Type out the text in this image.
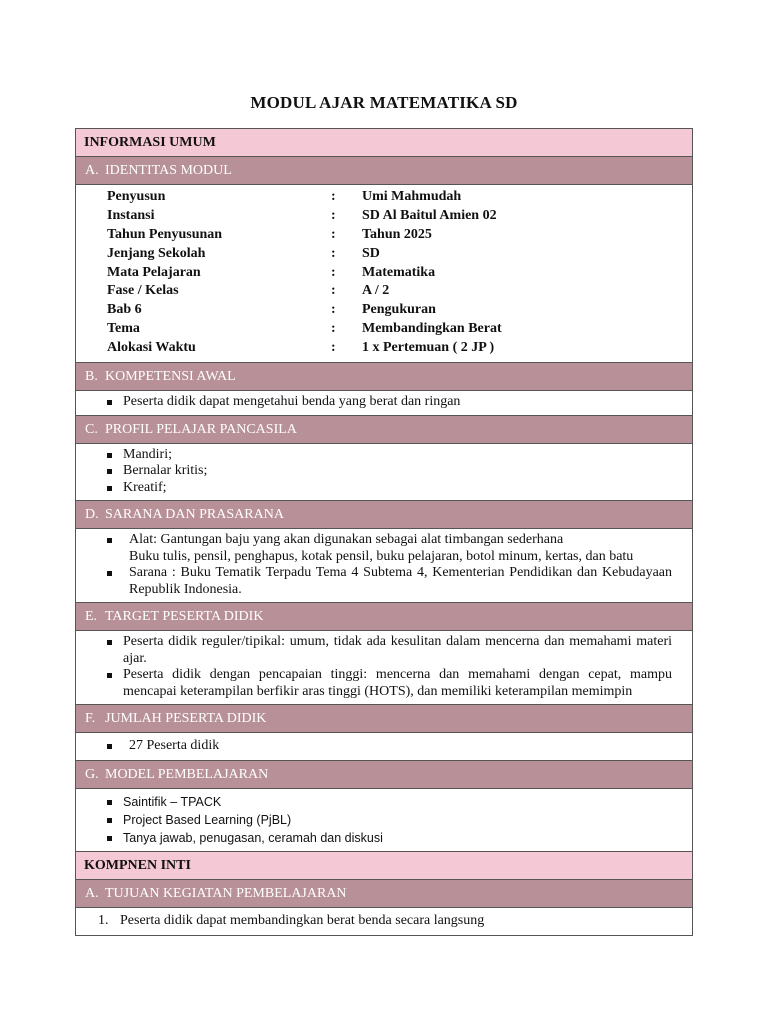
MODUL AJAR MATEMATIKA SD
INFORMASI UMUM
A. IDENTITAS MODUL
Penyusun	:	Umi Mahmudah
Instansi	:	SD Al Baitul Amien 02
Tahun Penyusunan	:	Tahun 2025
Jenjang Sekolah	:	SD
Mata Pelajaran	:	Matematika
Fase / Kelas	:	A / 2
Bab 6	:	Pengukuran
Tema	:	Membandingkan Berat
Alokasi Waktu	:	1 x Pertemuan ( 2 JP )
B. KOMPETENSI AWAL
Peserta didik dapat mengetahui benda yang berat dan ringan
C. PROFIL PELAJAR PANCASILA
Mandiri;
Bernalar kritis;
Kreatif;
D. SARANA DAN PRASARANA
Alat: Gantungan baju yang akan digunakan sebagai alat timbangan sederhana
Buku tulis, pensil, penghapus, kotak pensil, buku pelajaran, botol minum, kertas, dan batu
Sarana : Buku Tematik Terpadu Tema 4 Subtema 4, Kementerian Pendidikan dan Kebudayaan Republik Indonesia.
E. TARGET PESERTA DIDIK
Peserta didik reguler/tipikal: umum, tidak ada kesulitan dalam mencerna dan memahami materi ajar.
Peserta didik dengan pencapaian tinggi: mencerna dan memahami dengan cepat, mampu mencapai keterampilan berfikir aras tinggi (HOTS), dan memiliki keterampilan memimpin
F. JUMLAH PESERTA DIDIK
27 Peserta didik
G. MODEL PEMBELAJARAN
Saintifik – TPACK
Project Based Learning (PjBL)
Tanya jawab, penugasan, ceramah dan diskusi
KOMPNEN INTI
A. TUJUAN KEGIATAN PEMBELAJARAN
1. Peserta didik dapat membandingkan berat benda secara langsung
